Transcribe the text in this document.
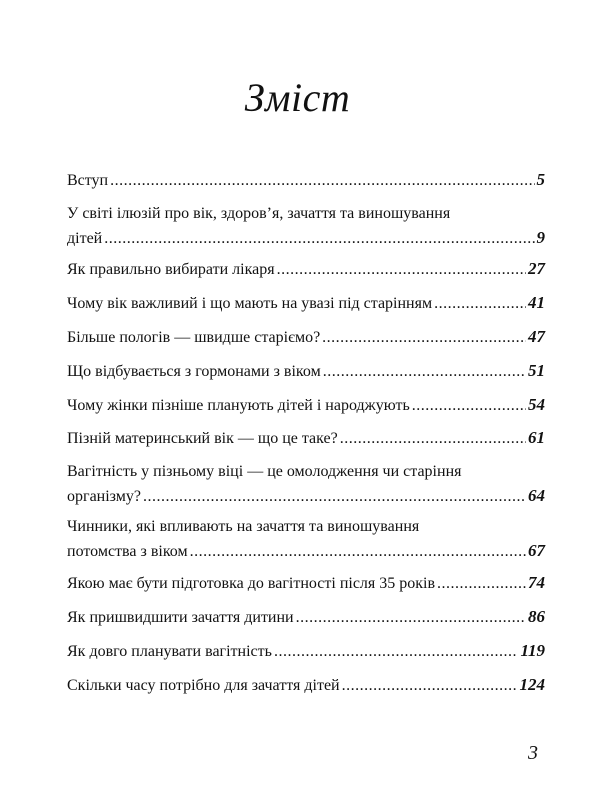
Зміст
Вступ .....	5
У світі ілюзій про вік, здоров’я, зачаття та виношування
дітей .....	9
Як правильно вибирати лікаря .....	27
Чому вік важливий і що мають на увазі під старінням .....	41
Більше пологів — швидше старіємо? .....	47
Що відбувається з гормонами з віком .....	51
Чому жінки пізніше планують дітей і народжують .....	54
Пізній материнський вік — що це таке? .....	61
Вагітність у пізньому віці — це омолодження чи старіння
організму? .....	64
Чинники, які впливають на зачаття та виношування
потомства з віком .....	67
Якою має бути підготовка до вагітності після 35 років .....	74
Як пришвидшити зачаття дитини .....	86
Як довго планувати вагітність .....	119
Скільки часу потрібно для зачаття дітей .....	124
3
